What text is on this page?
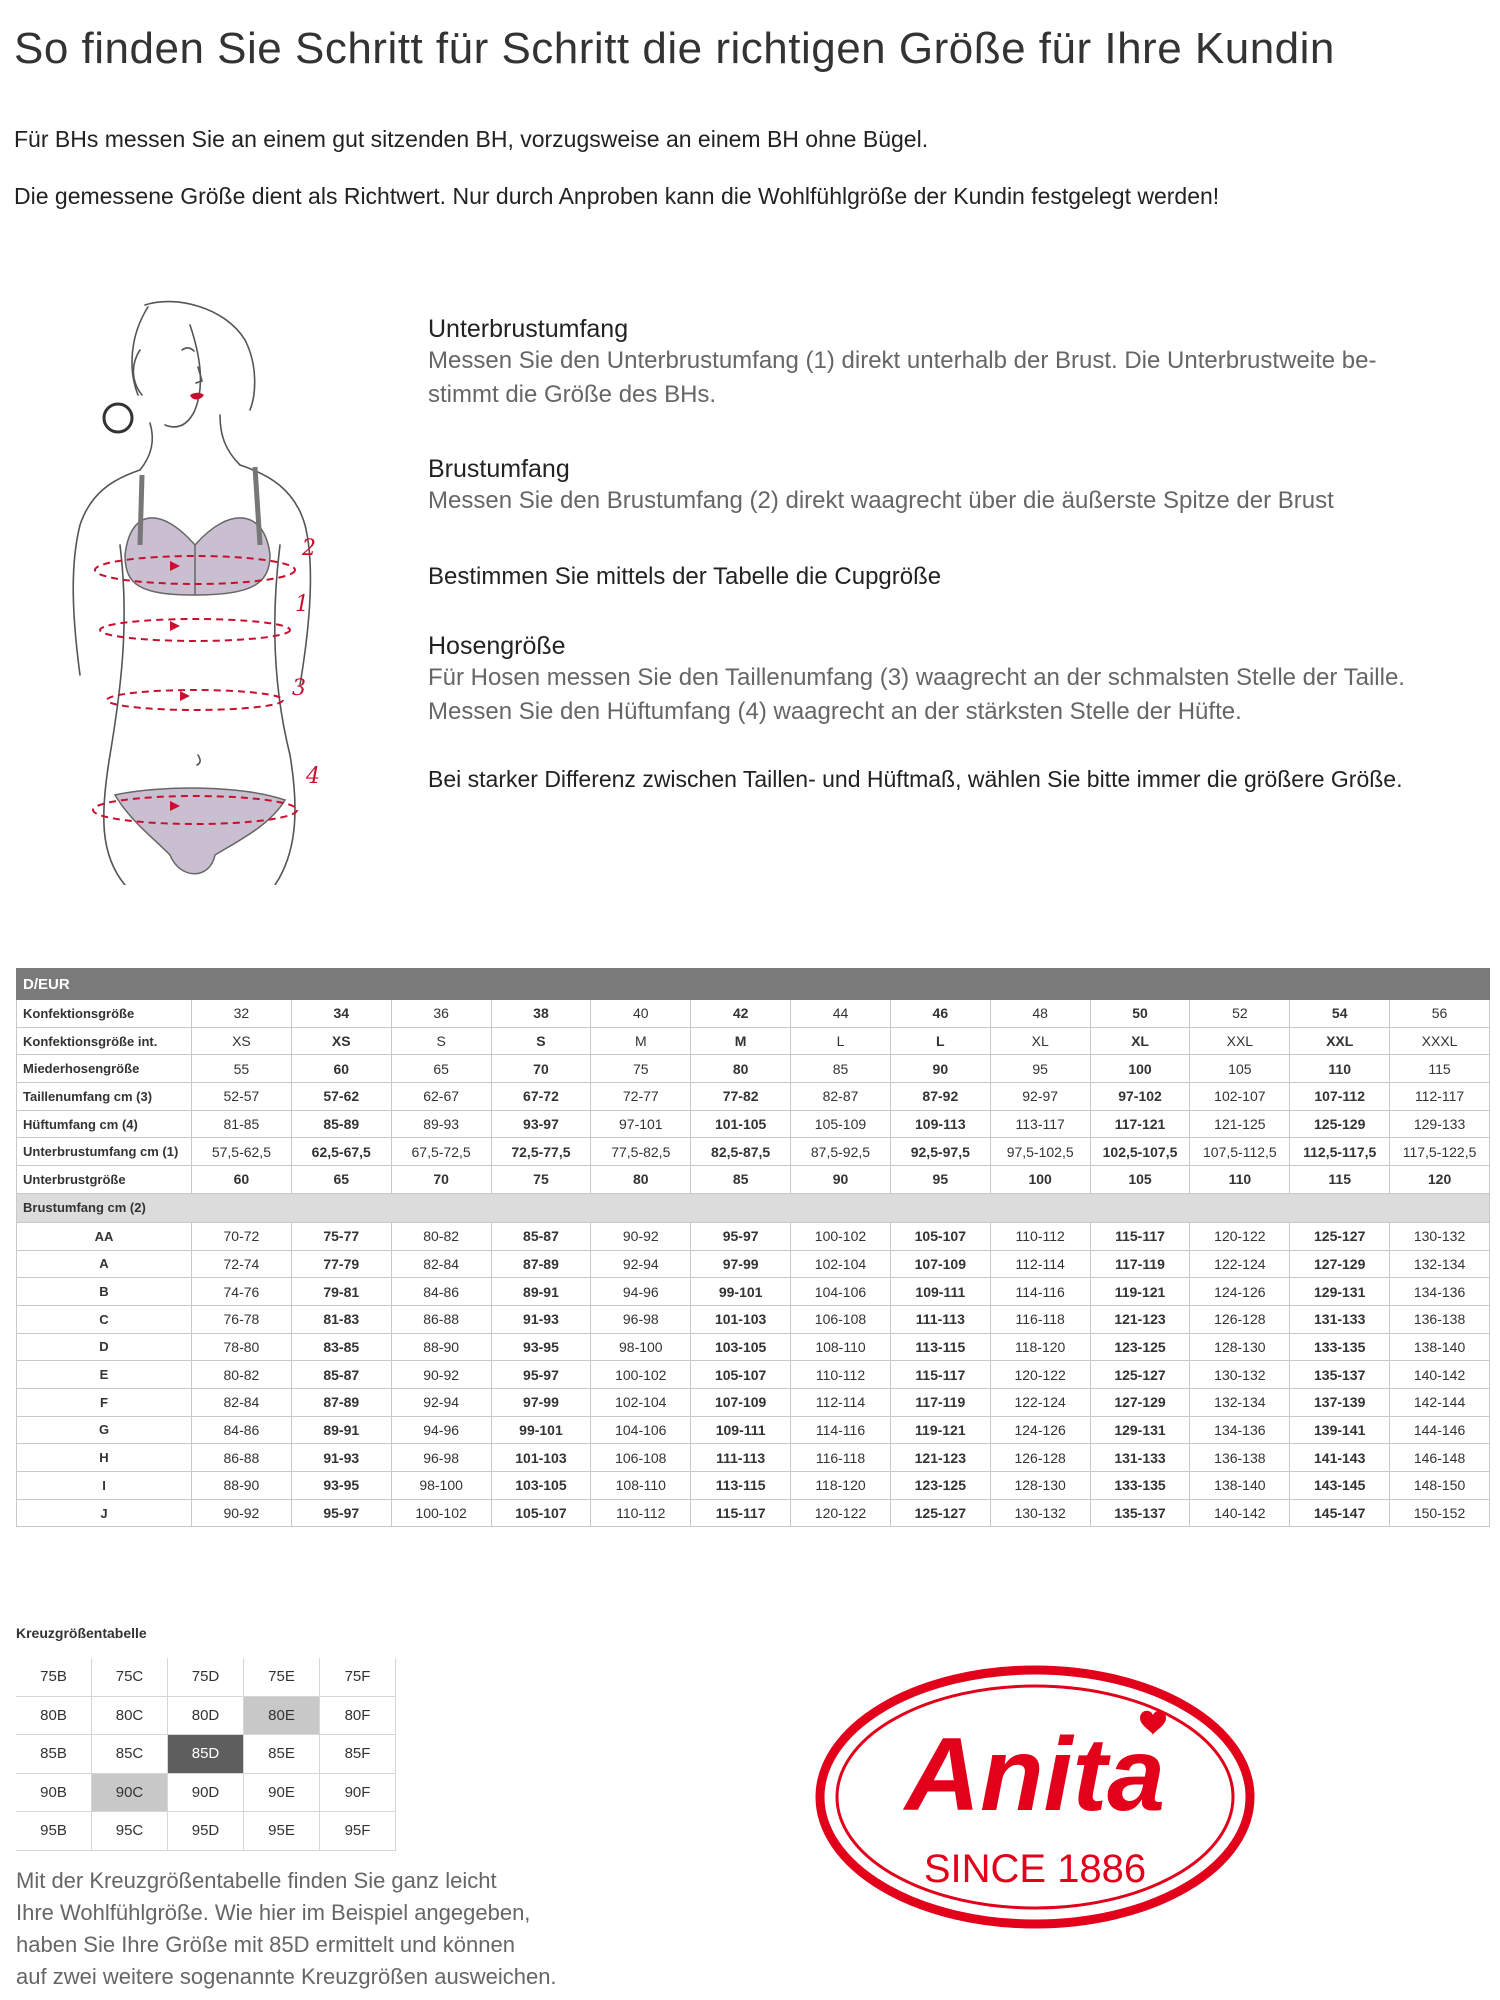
So finden Sie Schritt für Schritt die richtigen Größe für Ihre Kundin
Für BHs messen Sie an einem gut sitzenden BH, vorzugsweise an einem BH ohne Bügel.
Die gemessene Größe dient als Richtwert. Nur durch Anproben kann die Wohlfühlgröße der Kundin festgelegt werden!
2
1
3
4

Unterbrustumfang

Messen Sie den Unterbrustumfang (1) direkt unterhalb der Brust. Die Unterbrustweite be-

stimmt die Größe des BHs.

Brustumfang

Messen Sie den Brustumfang (2) direkt waagrecht über die äußerste Spitze der Brust

Bestimmen Sie mittels der Tabelle die Cupgröße

Hosengröße

Für Hosen messen Sie den Taillenumfang (3) waagrecht an der schmalsten Stelle der Taille.

Messen Sie den Hüftumfang (4) waagrecht an der stärksten Stelle der Hüfte.

Bei starker Differenz zwischen Taillen- und Hüftmaß, wählen Sie bitte immer die größere Größe.

D/EUR													
Konfektionsgröße	32	34	36	38	40	42	44	46	48	50	52	54	56
Konfektionsgröße int.	XS	XS	S	S	M	M	L	L	XL	XL	XXL	XXL	XXXL
Miederhosengröße	55	60	65	70	75	80	85	90	95	100	105	110	115
Taillenumfang cm (3)	52-57	57-62	62-67	67-72	72-77	77-82	82-87	87-92	92-97	97-102	102-107	107-112	112-117
Hüftumfang cm (4)	81-85	85-89	89-93	93-97	97-101	101-105	105-109	109-113	113-117	117-121	121-125	125-129	129-133
Unterbrustumfang cm (1)	57,5-62,5	62,5-67,5	67,5-72,5	72,5-77,5	77,5-82,5	82,5-87,5	87,5-92,5	92,5-97,5	97,5-102,5	102,5-107,5	107,5-112,5	112,5-117,5	117,5-122,5
Unterbrustgröße	60	65	70	75	80	85	90	95	100	105	110	115	120
Brustumfang cm (2)													
AA	70-72	75-77	80-82	85-87	90-92	95-97	100-102	105-107	110-112	115-117	120-122	125-127	130-132
A	72-74	77-79	82-84	87-89	92-94	97-99	102-104	107-109	112-114	117-119	122-124	127-129	132-134
B	74-76	79-81	84-86	89-91	94-96	99-101	104-106	109-111	114-116	119-121	124-126	129-131	134-136
C	76-78	81-83	86-88	91-93	96-98	101-103	106-108	111-113	116-118	121-123	126-128	131-133	136-138
D	78-80	83-85	88-90	93-95	98-100	103-105	108-110	113-115	118-120	123-125	128-130	133-135	138-140
E	80-82	85-87	90-92	95-97	100-102	105-107	110-112	115-117	120-122	125-127	130-132	135-137	140-142
F	82-84	87-89	92-94	97-99	102-104	107-109	112-114	117-119	122-124	127-129	132-134	137-139	142-144
G	84-86	89-91	94-96	99-101	104-106	109-111	114-116	119-121	124-126	129-131	134-136	139-141	144-146
H	86-88	91-93	96-98	101-103	106-108	111-113	116-118	121-123	126-128	131-133	136-138	141-143	146-148
I	88-90	93-95	98-100	103-105	108-110	113-115	118-120	123-125	128-130	133-135	138-140	143-145	148-150
J	90-92	95-97	100-102	105-107	110-112	115-117	120-122	125-127	130-132	135-137	140-142	145-147	150-152
Kreuzgrößentabelle
75B	75C	75D	75E	75F
80B	80C	80D	80E	80F
85B	85C	85D	85E	85F
90B	90C	90D	90E	90F
95B	95C	95D	95E	95F
Mit der Kreuzgrößentabelle finden Sie ganz leicht
Ihre Wohlfühlgröße. Wie hier im Beispiel angegeben,
haben Sie Ihre Größe mit 85D ermittelt und können
auf zwei weitere sogenannte Kreuzgrößen ausweichen.
Anita
SINCE 1886
